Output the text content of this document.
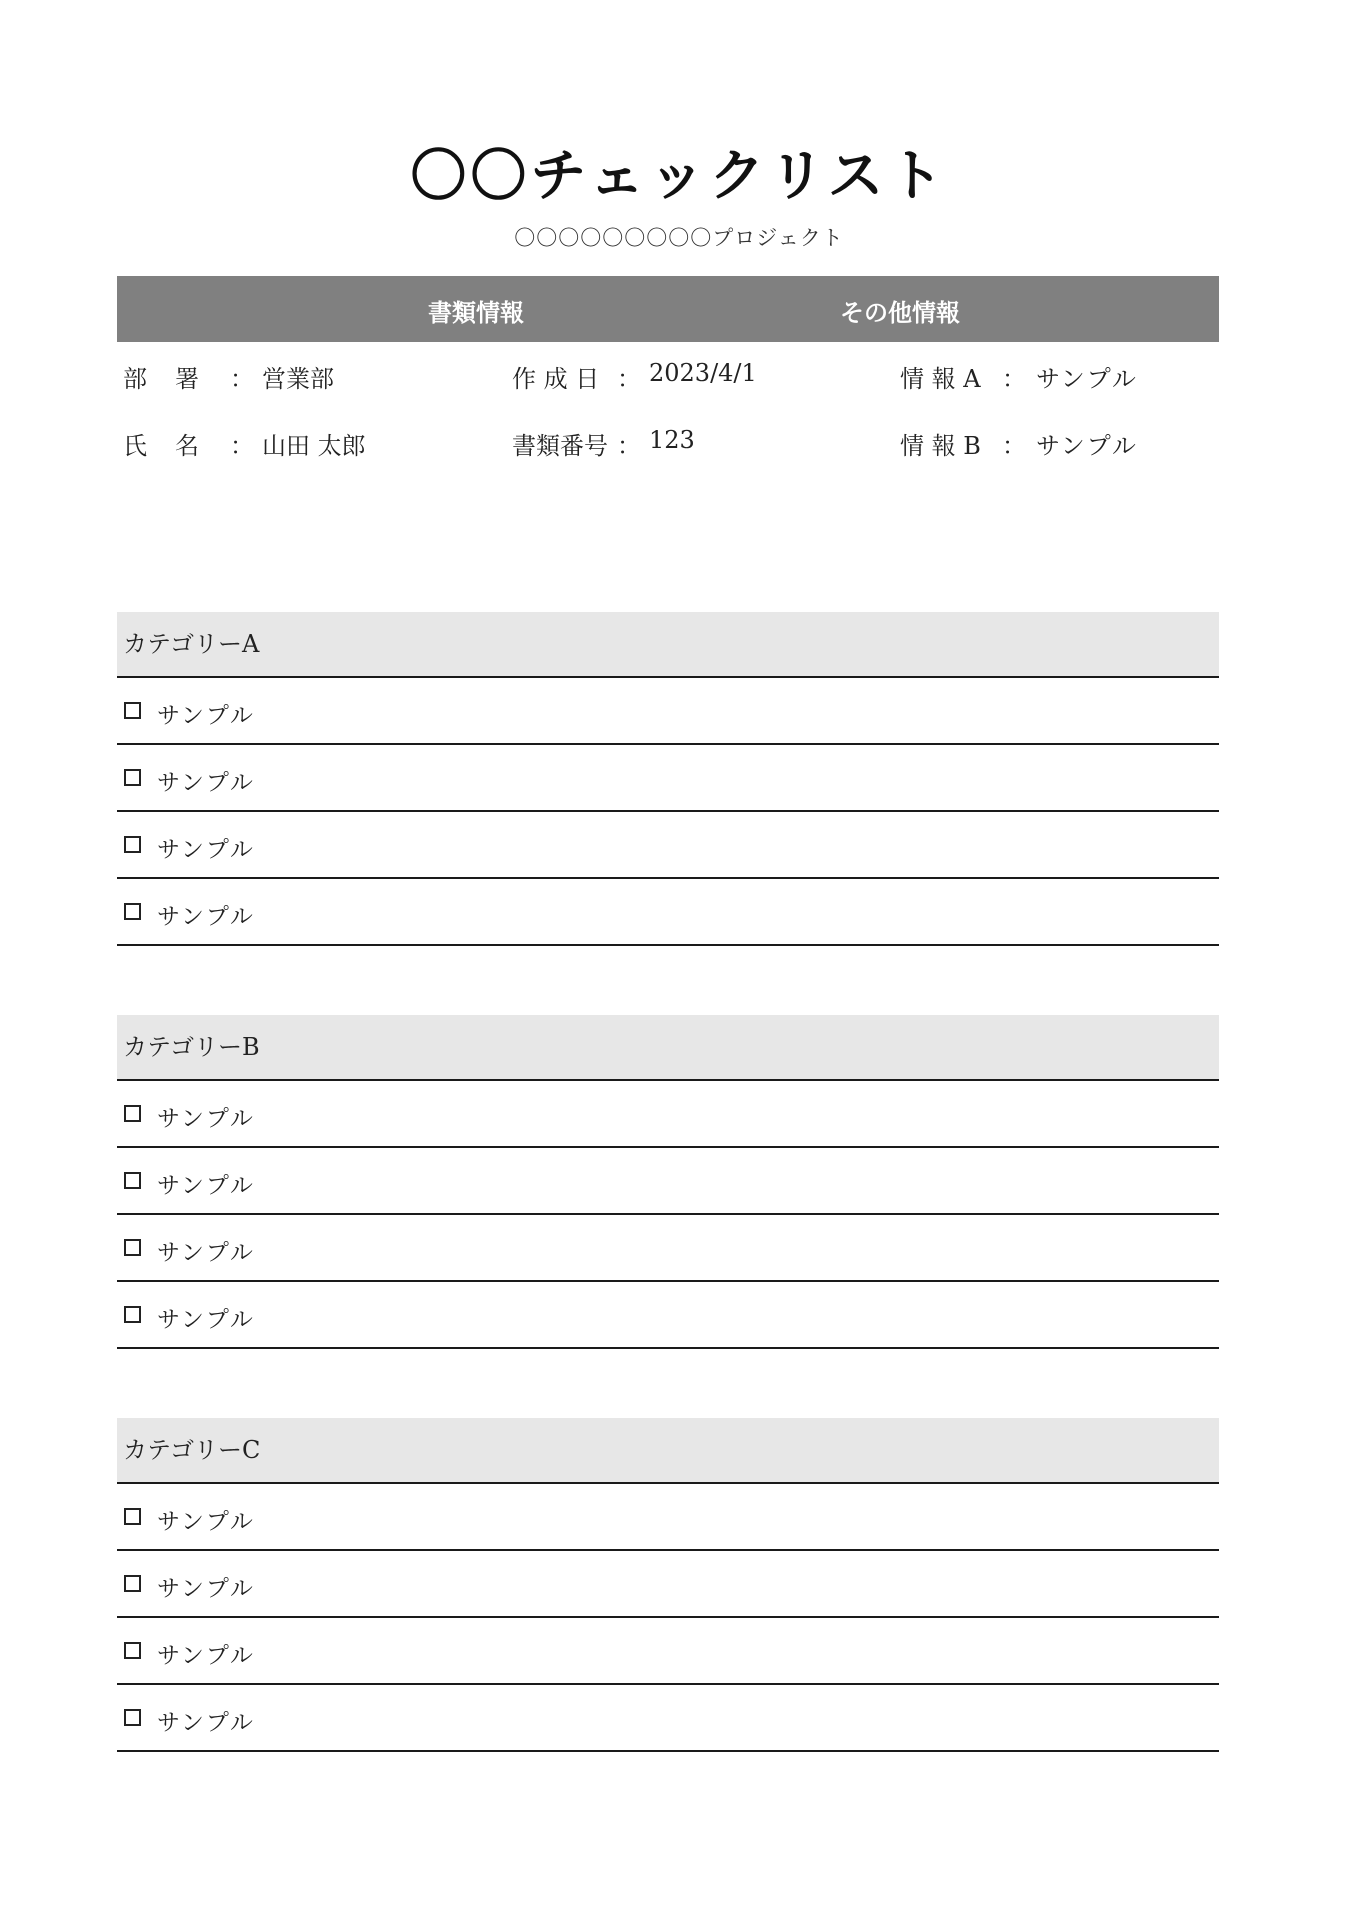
〇〇チェックリスト
〇〇〇〇〇〇〇〇〇プロジェクト
書類情報	その他情報
部　署 ： 営業部	作 成 日 ： 2023/4/1	情 報 A ： サンプル
氏　名 ： 山田 太郎	書類番号 ： 123	情 報 B ： サンプル
カテゴリーA
サンプル
サンプル
サンプル
サンプル
カテゴリーB
サンプル
サンプル
サンプル
サンプル
カテゴリーC
サンプル
サンプル
サンプル
サンプル
